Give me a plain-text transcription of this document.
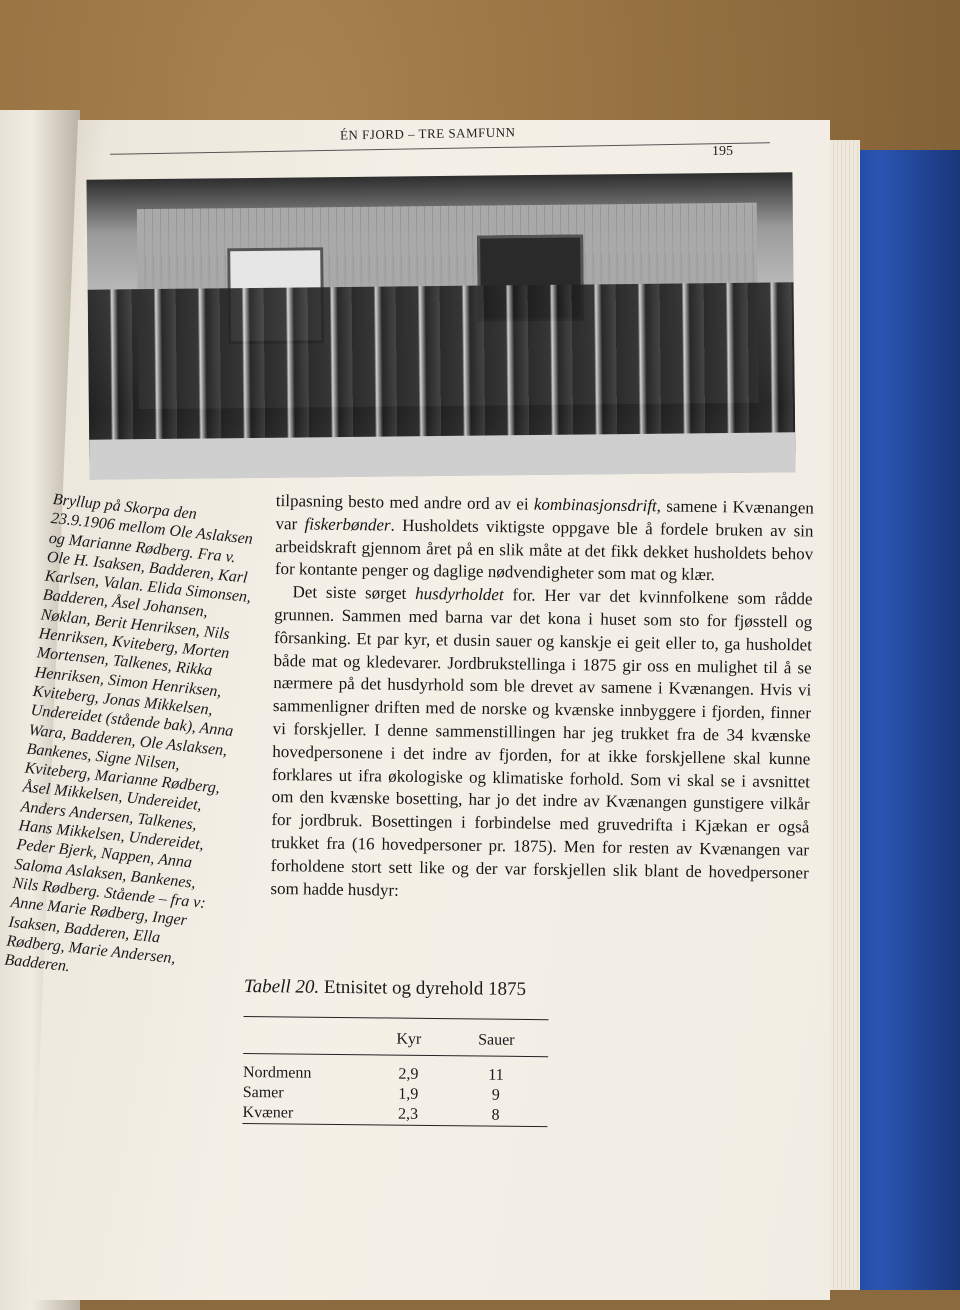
ÉN FJORD – TRE SAMFUNN
195
Bryllup på Skorpa den 23.9.1906 mellom Ole Aslaksen og Marianne Rødberg. Fra v. Ole H. Isaksen, Badderen, Karl Karlsen, Valan. Elida Simonsen, Badderen, Åsel Johansen, Nøklan, Berit Henriksen, Nils Henriksen, Kviteberg, Morten Mortensen, Talkenes, Rikka Henriksen, Simon Henriksen, Kviteberg, Jonas Mikkelsen, Undereidet (stående bak), Anna Wara, Badderen, Ole Aslaksen, Bankenes, Signe Nilsen, Kviteberg, Marianne Rødberg, Åsel Mikkelsen, Undereidet, Anders Andersen, Talkenes, Hans Mikkelsen, Undereidet, Peder Bjerk, Nappen, Anna Saloma Aslaksen, Bankenes, Nils Rødberg. Stående – fra v: Anne Marie Rødberg, Inger Isaksen, Badderen, Ella Rødberg, Marie Andersen, Badderen.

tilpasning besto med andre ord av ei kombinasjonsdrift, samene i Kvænangen var fiskerbønder. Husholdets viktigste oppgave ble å fordele bruken av sin arbeidskraft gjennom året på en slik måte at det fikk dekket husholdets behov for kontante penger og daglige nødvendigheter som mat og klær.

Det siste sørget husdyrholdet for. Her var det kvinnfolkene som rådde grunnen. Sammen med barna var det kona i huset som sto for fjøsstell og fôrsanking. Et par kyr, et dusin sauer og kanskje ei geit eller to, ga husholdet både mat og kledevarer. Jordbrukstellinga i 1875 gir oss en mulighet til å se nærmere på det husdyrhold som ble drevet av samene i Kvænangen. Hvis vi sammenligner driften med de norske og kvænske innbyggere i fjorden, finner vi forskjeller. I denne sammenstillingen har jeg trukket fra de 34 kvænske hovedpersonene i det indre av fjorden, for at ikke forskjellene skal kunne forklares ut ifra økologiske og klimatiske forhold. Som vi skal se i avsnittet om den kvænske bosetting, har jo det indre av Kvænangen gunstigere vilkår for jordbruk. Bosettingen i forbindelse med gruvedrifta i Kjækan er også trukket fra (16 hovedpersoner pr. 1875). Men for resten av Kvænangen var forholdene stort sett like og der var forskjellen slik blant de hovedpersoner som hadde husdyr:

Tabell 20. Etnisitet og dyrehold 1875
	Kyr	Sauer
Nordmenn	2,9	11
Samer	1,9	9
Kvæner	2,3	8
